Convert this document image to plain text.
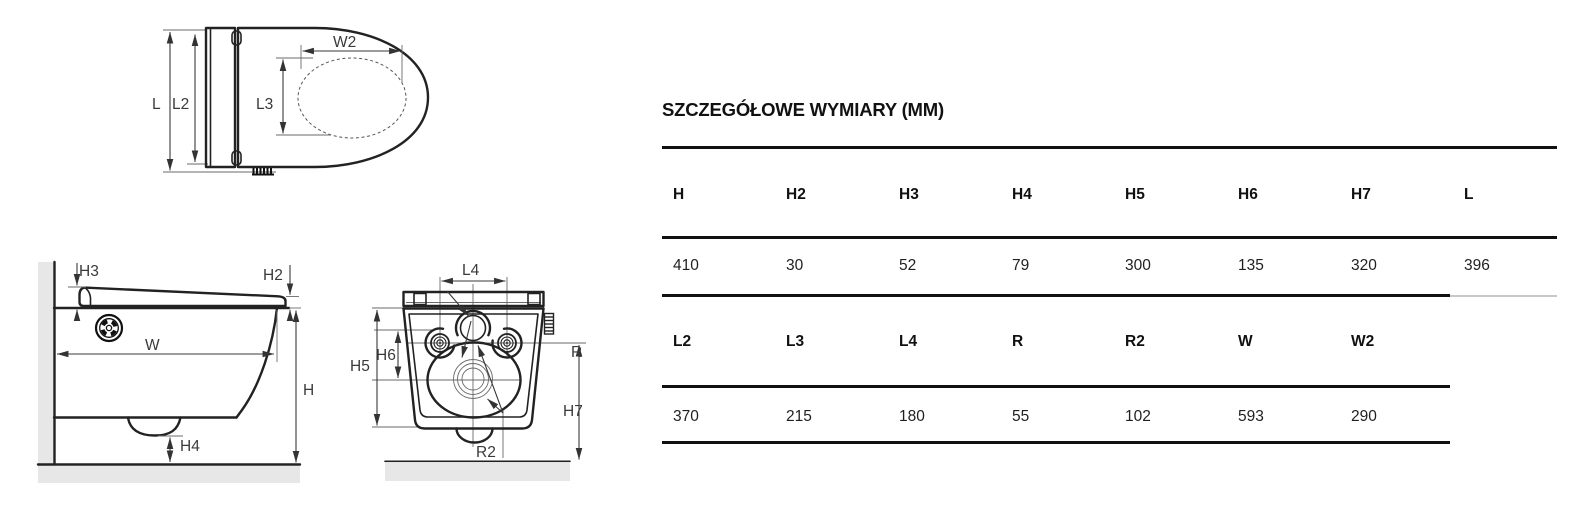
L L2	L3
W2
H3	H2
W
H
H4
L4
H5
H6
H7
R
R2
SZCZEGÓŁOWE WYMIARY (MM)
H	H2	H3	H4	H5	H6	H7	L
410	30	52	79	300	135	320	396
L2	L3	L4	R	R2	W	W2
370	215	180	55	102	593	290
